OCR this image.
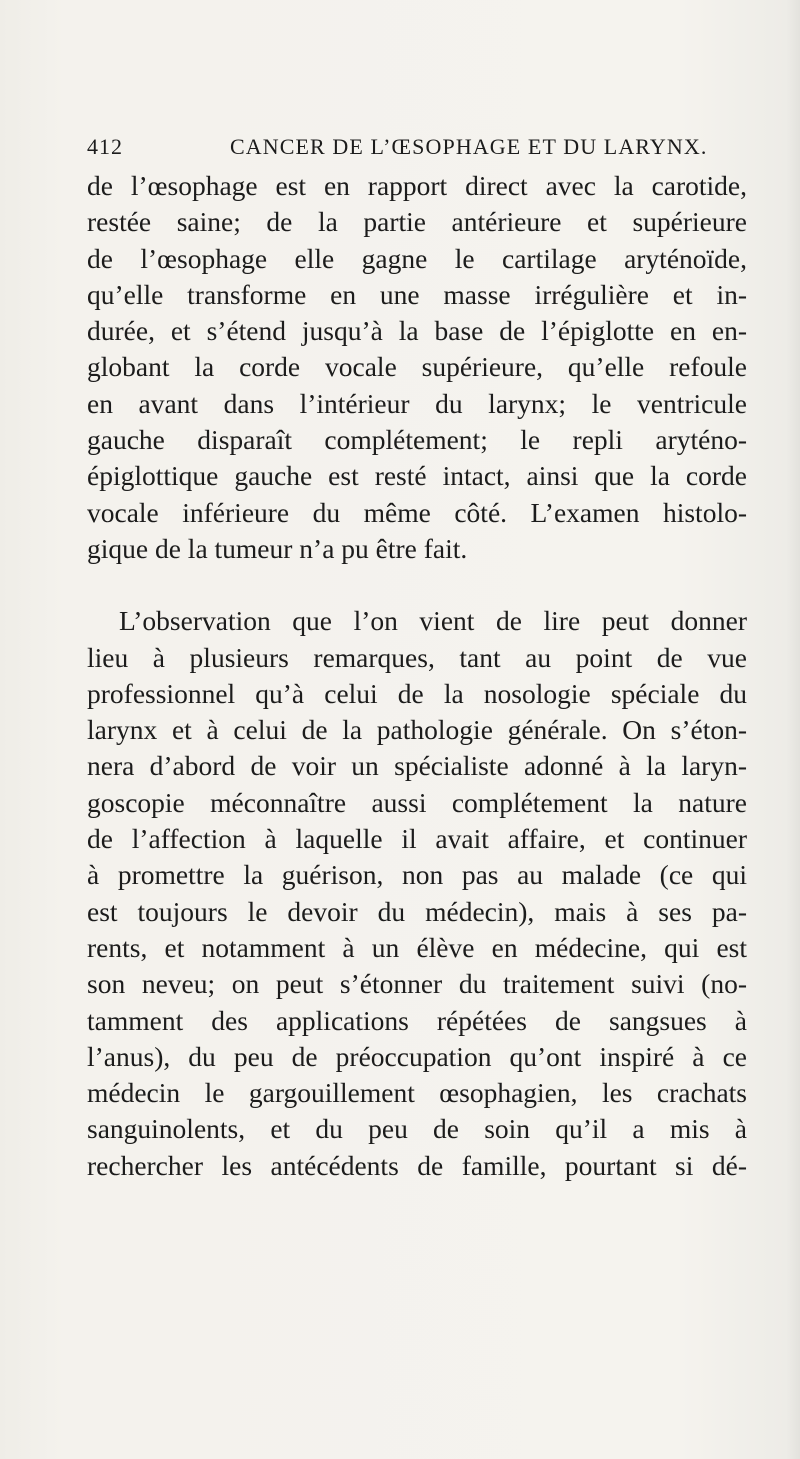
412	CANCER DE L’ŒSOPHAGE ET DU LARYNX.
de l’œsophage est en rapport direct avec la carotide,
restée saine; de la partie antérieure et supérieure
de l’œsophage elle gagne le cartilage aryténoïde,
qu’elle transforme en une masse irrégulière et in-
durée, et s’étend jusqu’à la base de l’épiglotte en en-
globant la corde vocale supérieure, qu’elle refoule
en avant dans l’intérieur du larynx; le ventricule
gauche disparaît complétement; le repli aryténo-
épiglottique gauche est resté intact, ainsi que la corde
vocale inférieure du même côté. L’examen histolo-
gique de la tumeur n’a pu être fait.
L’observation que l’on vient de lire peut donner
lieu à plusieurs remarques, tant au point de vue
professionnel qu’à celui de la nosologie spéciale du
larynx et à celui de la pathologie générale. On s’éton-
nera d’abord de voir un spécialiste adonné à la laryn-
goscopie méconnaître aussi complétement la nature
de l’affection à laquelle il avait affaire, et continuer
à promettre la guérison, non pas au malade (ce qui
est toujours le devoir du médecin), mais à ses pa-
rents, et notamment à un élève en médecine, qui est
son neveu; on peut s’étonner du traitement suivi (no-
tamment des applications répétées de sangsues à
l’anus), du peu de préoccupation qu’ont inspiré à ce
médecin le gargouillement œsophagien, les crachats
sanguinolents, et du peu de soin qu’il a mis à
rechercher les antécédents de famille, pourtant si dé-
